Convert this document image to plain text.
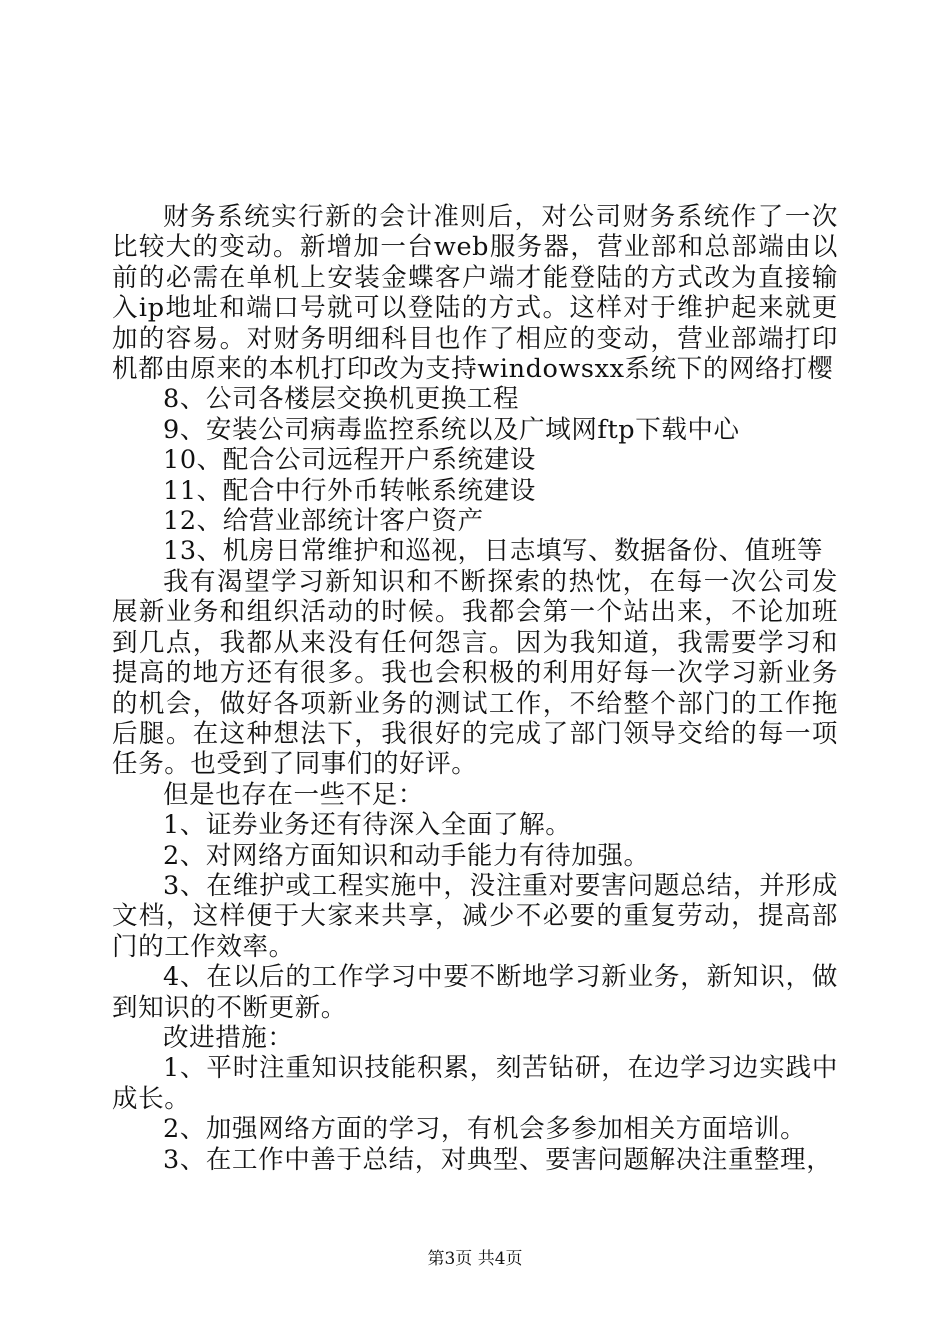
财务系统实行新的会计准则后，对公司财务系统作了一次比较大的变动。新增加一台web服务器，营业部和总部端由以前的必需在单机上安装金蝶客户端才能登陆的方式改为直接输入ip地址和端口号就可以登陆的方式。这样对于维护起来就更加的容易。对财务明细科目也作了相应的变动，营业部端打印机都由原来的本机打印改为支持windowsxx系统下的网络打樱

8、公司各楼层交换机更换工程

9、安装公司病毒监控系统以及广域网ftp下载中心

10、配合公司远程开户系统建设

11、配合中行外币转帐系统建设

12、给营业部统计客户资产

13、机房日常维护和巡视，日志填写、数据备份、值班等

我有渴望学习新知识和不断探索的热忱，在每一次公司发展新业务和组织活动的时候。我都会第一个站出来，不论加班到几点，我都从来没有任何怨言。因为我知道，我需要学习和提高的地方还有很多。我也会积极的利用好每一次学习新业务的机会，做好各项新业务的测试工作，不给整个部门的工作拖后腿。在这种想法下，我很好的完成了部门领导交给的每一项任务。也受到了同事们的好评。

但是也存在一些不足：

1、证券业务还有待深入全面了解。

2、对网络方面知识和动手能力有待加强。

3、在维护或工程实施中，没注重对要害问题总结，并形成文档，这样便于大家来共享，减少不必要的重复劳动，提高部门的工作效率。

4、在以后的工作学习中要不断地学习新业务，新知识，做到知识的不断更新。

改进措施：

1、平时注重知识技能积累，刻苦钻研，在边学习边实践中成长。

2、加强网络方面的学习，有机会多参加相关方面培训。

3、在工作中善于总结，对典型、要害问题解决注重整理，

第3页 共4页
